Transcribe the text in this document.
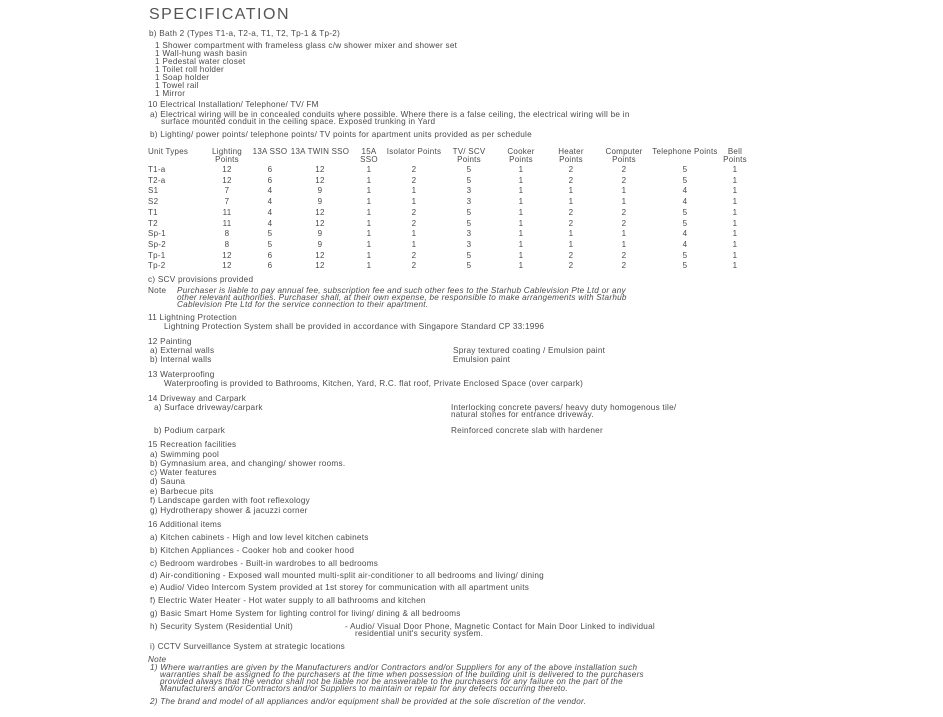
SPECIFICATION
b) Bath 2 (Types T1-a, T2-a, T1, T2, Tp-1 & Tp-2)
1 Shower compartment with frameless glass c/w shower mixer and shower set
1 Wall-hung wash basin
1 Pedestal water closet
1 Toilet roll holder
1 Soap holder
1 Towel rail
1 Mirror
10 Electrical Installation/ Telephone/ TV/ FM
a) Electrical wiring will be in concealed conduits where possible. Where there is a false ceiling, the electrical wiring will be in
surface mounted conduit in the ceiling space. Exposed trunking in Yard
b) Lighting/ power points/ telephone points/ TV points for apartment units provided as per schedule
Unit Types	Lighting Points	13A SSO	13A TWIN SSO	15A SSO	Isolator Points	TV/ SCV Points	Cooker Points	Heater Points	Computer Points	Telephone Points	Bell Points
T1-a	12	6	12	1	2	5	1	2	2	5	1
T2-a	12	6	12	1	2	5	1	2	2	5	1
S1	7	4	9	1	1	3	1	1	1	4	1
S2	7	4	9	1	1	3	1	1	1	4	1
T1	11	4	12	1	2	5	1	2	2	5	1
T2	11	4	12	1	2	5	1	2	2	5	1
Sp-1	8	5	9	1	1	3	1	1	1	4	1
Sp-2	8	5	9	1	1	3	1	1	1	4	1
Tp-1	12	6	12	1	2	5	1	2	2	5	1
Tp-2	12	6	12	1	2	5	1	2	2	5	1
c) SCV provisions provided
Note Purchaser is liable to pay annual fee, subscription fee and such other fees to the Starhub Cablevision Pte Ltd or any
other relevant authorities. Purchaser shall, at their own expense, be responsible to make arrangements with Starhub
Cablevision Pte Ltd for the service connection to their apartment.
11 Lightning Protection
Lightning Protection System shall be provided in accordance with Singapore Standard CP 33:1996
12 Painting
a) External walls	Spray textured coating / Emulsion paint
b) Internal walls	Emulsion paint
13 Waterproofing
Waterproofing is provided to Bathrooms, Kitchen, Yard, R.C. flat roof, Private Enclosed Space (over carpark)
14 Driveway and Carpark
a) Surface driveway/carpark	Interlocking concrete pavers/ heavy duty homogenous tile/
natural stones for entrance driveway.
b) Podium carpark	Reinforced concrete slab with hardener
15 Recreation facilities
a) Swimming pool
b) Gymnasium area, and changing/ shower rooms.
c) Water features
d) Sauna
e) Barbecue pits
f) Landscape garden with foot reflexology
g) Hydrotherapy shower & jacuzzi corner
16 Additional items
a) Kitchen cabinets - High and low level kitchen cabinets
b) Kitchen Appliances - Cooker hob and cooker hood
c) Bedroom wardrobes - Built-in wardrobes to all bedrooms
d) Air-conditioning - Exposed wall mounted multi-split air-conditioner to all bedrooms and living/ dining
e) Audio/ Video Intercom System provided at 1st storey for communication with all apartment units
f) Electric Water Heater - Hot water supply to all bathrooms and kitchen
g) Basic Smart Home System for lighting control for living/ dining & all bedrooms
h) Security System (Residential Unit)	- Audio/ Visual Door Phone, Magnetic Contact for Main Door Linked to individual
residential unit's security system.
i) CCTV Surveillance System at strategic locations
Note
1) Where warranties are given by the Manufacturers and/or Contractors and/or Suppliers for any of the above installation such
warranties shall be assigned to the purchasers at the time when possession of the building unit is delivered to the purchasers
provided always that the vendor shall not be liable nor be answerable to the purchasers for any failure on the part of the
Manufacturers and/or Contractors and/or Suppliers to maintain or repair for any defects occurring thereto.
2) The brand and model of all appliances and/or equipment shall be provided at the sole discretion of the vendor.
